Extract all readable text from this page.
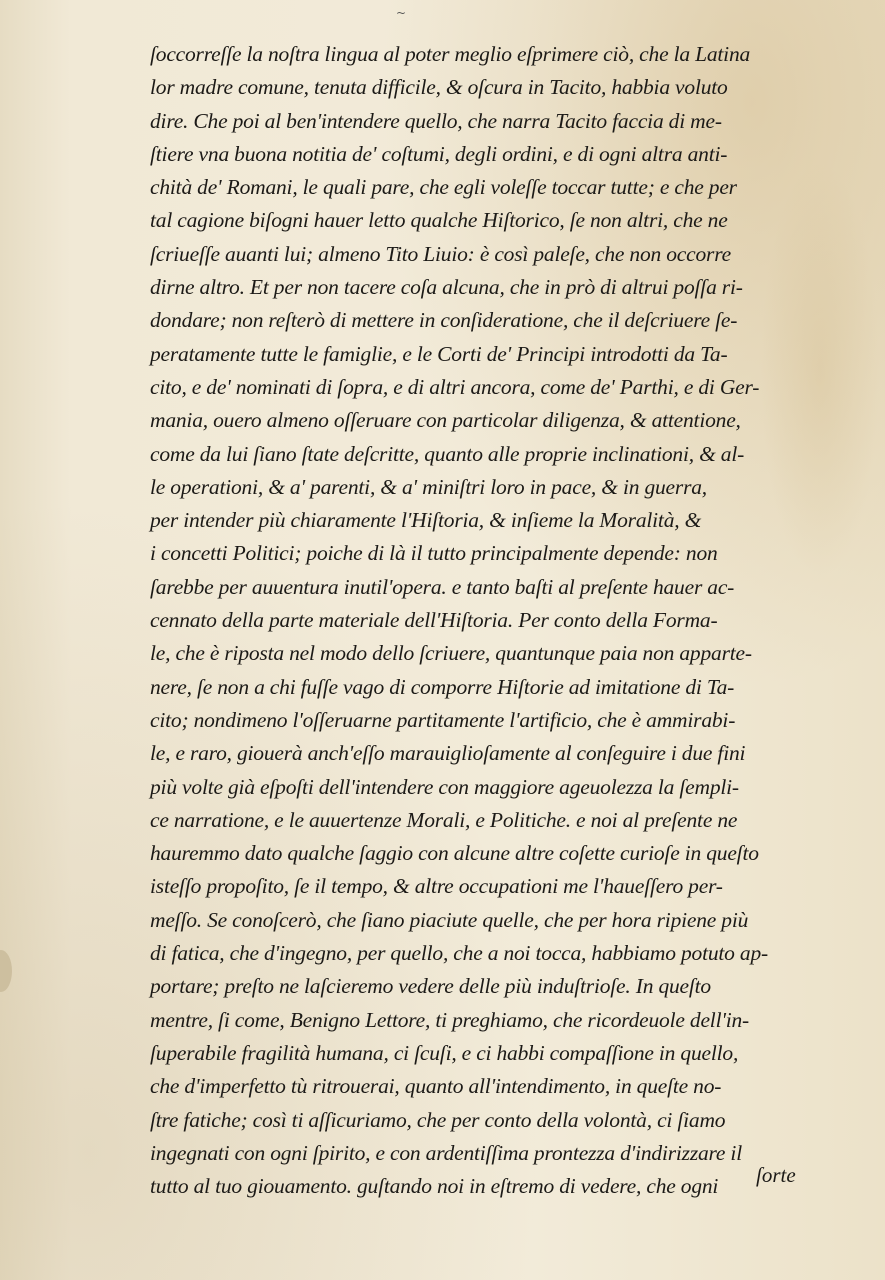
~
ſoccorreſſe la noſtra lingua al poter meglio eſprimere ciò, che la Latina
lor madre comune, tenuta difficile, & oſcura in Tacito, habbia voluto
dire. Che poi al ben'intendere quello, che narra Tacito faccia di me-
ſtiere vna buona notitia de' coſtumi, degli ordini, e di ogni altra anti-
chità de' Romani, le quali pare, che egli voleſſe toccar tutte; e che per
tal cagione biſogni hauer letto qualche Hiſtorico, ſe non altri, che ne
ſcriueſſe auanti lui; almeno Tito Liuio: è così paleſe, che non occorre
dirne altro. Et per non tacere coſa alcuna, che in prò di altrui poſſa ri-
dondare; non reſterò di mettere in conſideratione, che il deſcriuere ſe-
peratamente tutte le famiglie, e le Corti de' Principi introdotti da Ta-
cito, e de' nominati di ſopra, e di altri ancora, come de' Parthi, e di Ger-
mania, ouero almeno oſſeruare con particolar diligenza, & attentione,
come da lui ſiano ſtate deſcritte, quanto alle proprie inclinationi, & al-
le operationi, & a' parenti, & a' miniſtri loro in pace, & in guerra,
per intender più chiaramente l'Hiſtoria, & inſieme la Moralità, &
i concetti Politici; poiche di là il tutto principalmente depende: non
ſarebbe per auuentura inutil'opera. e tanto baſti al preſente hauer ac-
cennato della parte materiale dell'Hiſtoria. Per conto della Forma-
le, che è riposta nel modo dello ſcriuere, quantunque paia non apparte-
nere, ſe non a chi fuſſe vago di comporre Hiſtorie ad imitatione di Ta-
cito; nondimeno l'oſſeruarne partitamente l'artificio, che è ammirabi-
le, e raro, giouerà anch'eſſo marauiglioſamente al conſeguire i due fini
più volte già eſpoſti dell'intendere con maggiore ageuolezza la ſempli-
ce narratione, e le auuertenze Morali, e Politiche. e noi al preſente ne
hauremmo dato qualche ſaggio con alcune altre coſette curioſe in queſto
isteſſo propoſito, ſe il tempo, & altre occupationi me l'haueſſero per-
meſſo. Se conoſcerò, che ſiano piaciute quelle, che per hora ripiene più
di fatica, che d'ingegno, per quello, che a noi tocca, habbiamo potuto ap-
portare; preſto ne laſcieremo vedere delle più induſtrioſe. In queſto
mentre, ſi come, Benigno Lettore, ti preghiamo, che ricordeuole dell'in-
ſuperabile fragilità humana, ci ſcuſi, e ci habbi compaſſione in quello,
che d'imperfetto tù ritrouerai, quanto all'intendimento, in queſte no-
ſtre fatiche; così ti aſſicuriamo, che per conto della volontà, ci ſiamo
ingegnati con ogni ſpirito, e con ardentiſſima prontezza d'indirizzare il
tutto al tuo giouamento. guſtando noi in eſtremo di vedere, che ogni	ſorte
